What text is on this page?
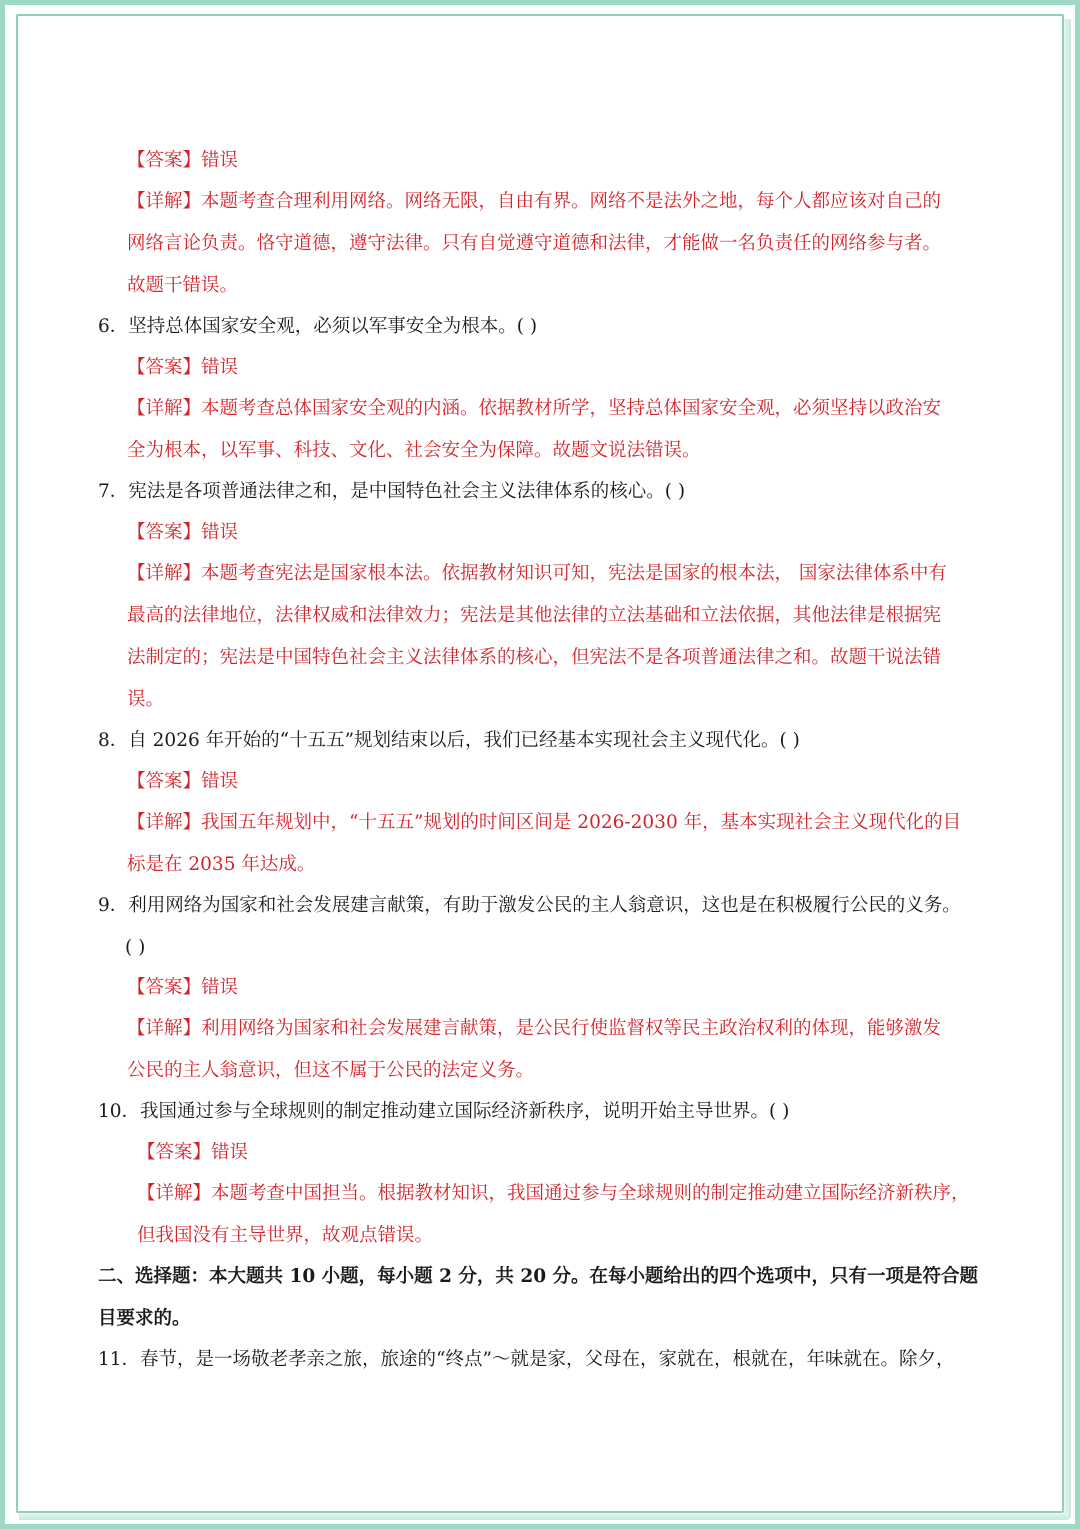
【答案】错误
【详解】本题考查合理利用网络。网络无限，自由有界。网络不是法外之地，每个人都应该对自己的
网络言论负责。恪守道德，遵守法律。只有自觉遵守道德和法律，才能做一名负责任的网络参与者。
故题干错误。
6．坚持总体国家安全观，必须以军事安全为根本。( )
【答案】错误
【详解】本题考查总体国家安全观的内涵。依据教材所学，坚持总体国家安全观，必须坚持以政治安
全为根本，以军事、科技、文化、社会安全为保障。故题文说法错误。
7．宪法是各项普通法律之和，是中国特色社会主义法律体系的核心。( )
【答案】错误
【详解】本题考查宪法是国家根本法。依据教材知识可知，宪法是国家的根本法， 国家法律体系中有
最高的法律地位，法律权威和法律效力；宪法是其他法律的立法基础和立法依据，其他法律是根据宪
法制定的；宪法是中国特色社会主义法律体系的核心，但宪法不是各项普通法律之和。故题干说法错
误。
8．自 2026 年开始的“十五五”规划结束以后，我们已经基本实现社会主义现代化。( )
【答案】错误
【详解】我国五年规划中，“十五五”规划的时间区间是 2026-2030 年，基本实现社会主义现代化的目
标是在 2035 年达成。
9．利用网络为国家和社会发展建言献策，有助于激发公民的主人翁意识，这也是在积极履行公民的义务。
( )
【答案】错误
【详解】利用网络为国家和社会发展建言献策，是公民行使监督权等民主政治权利的体现，能够激发
公民的主人翁意识，但这不属于公民的法定义务。
10．我国通过参与全球规则的制定推动建立国际经济新秩序，说明开始主导世界。( )
【答案】错误
【详解】本题考查中国担当。根据教材知识，我国通过参与全球规则的制定推动建立国际经济新秩序，
但我国没有主导世界，故观点错误。
二、选择题：本大题共 10 小题，每小题 2 分，共 20 分。在每小题给出的四个选项中，只有一项是符合题
目要求的。
11．春节，是一场敬老孝亲之旅，旅途的“终点”～就是家，父母在，家就在，根就在，年味就在。除夕，
